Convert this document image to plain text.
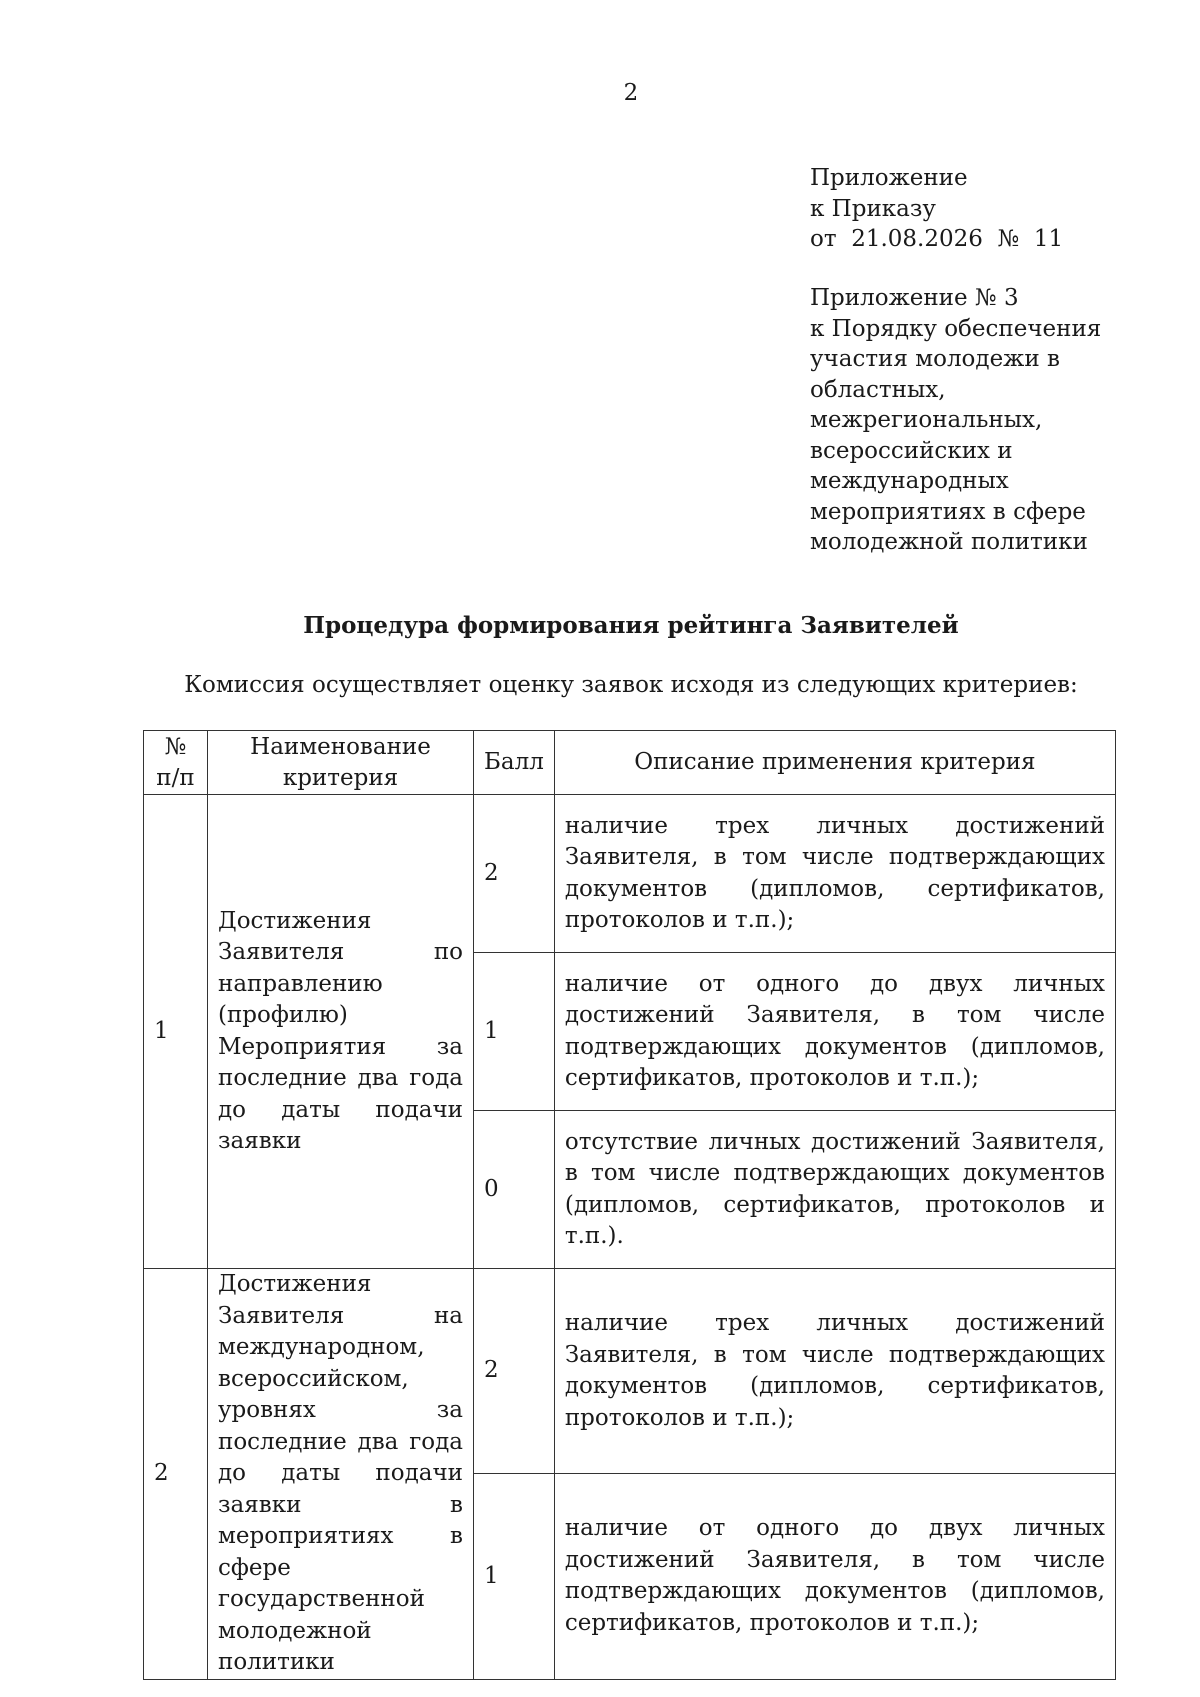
2
Приложение
к Приказу
от  21.08.2026  №  11
Приложение № 3
к Порядку обеспечения
участия молодежи в
областных,
межрегиональных,
всероссийских и
международных
мероприятиях в сфере
молодежной политики
Процедура формирования рейтинга Заявителей
Комиссия осуществляет оценку заявок исходя из следующих критериев:
№ п/п	Наименование критерия	Балл	Описание применения критерия
1	Достижения Заявителя по направлению (профилю) Мероприятия за последние два года до даты подачи заявки	2	наличие трех личных достижений Заявителя, в том числе подтверждающих документов (дипломов, сертификатов, протоколов и т.п.);
		1	наличие от одного до двух личных достижений Заявителя, в том числе подтверждающих документов (дипломов, сертификатов, протоколов и т.п.);
		0	отсутствие личных достижений Заявителя, в том числе подтверждающих документов (дипломов, сертификатов, протоколов и т.п.).
2	Достижения Заявителя на международном, всероссийском, уровнях за последние два года до даты подачи заявки в мероприятиях в сфере государственной молодежной политики	2	наличие трех личных достижений Заявителя, в том числе подтверждающих документов (дипломов, сертификатов, протоколов и т.п.);
		1	наличие от одного до двух личных достижений Заявителя, в том числе подтверждающих документов (дипломов, сертификатов, протоколов и т.п.);
